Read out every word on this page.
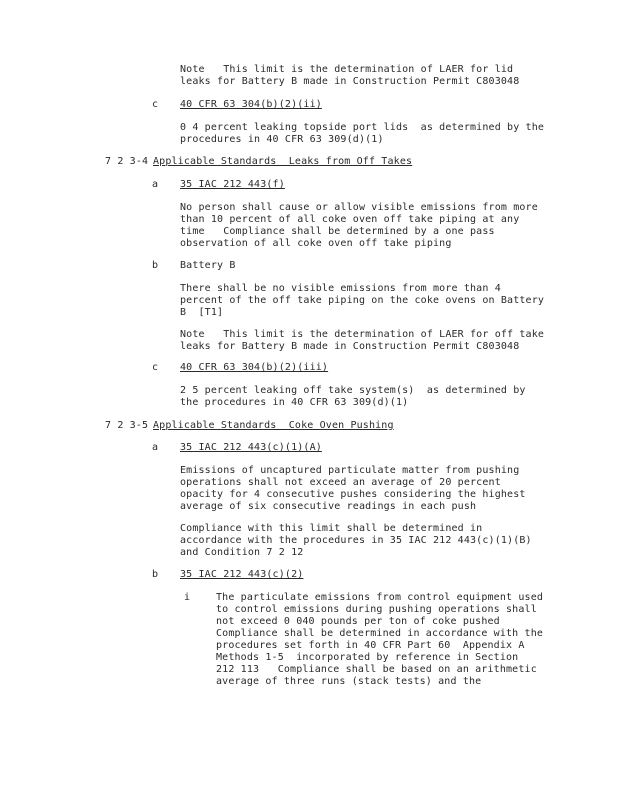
Note   This limit is the determination of LAER for lid
leaks for Battery B made in Construction Permit C803048
c 40 CFR 63 304(b)(2)(ii)
0 4 percent leaking topside port lids  as determined by the
procedures in 40 CFR 63 309(d)(1)
7 2 3-4 Applicable Standards  Leaks from Off Takes
a 35 IAC 212 443(f)
No person shall cause or allow visible emissions from more
than 10 percent of all coke oven off take piping at any
time   Compliance shall be determined by a one pass
observation of all coke oven off take piping
b Battery B
There shall be no visible emissions from more than 4
percent of the off take piping on the coke ovens on Battery
B  [T1]
Note   This limit is the determination of LAER for off take
leaks for Battery B made in Construction Permit C803048
c 40 CFR 63 304(b)(2)(iii)
2 5 percent leaking off take system(s)  as determined by
the procedures in 40 CFR 63 309(d)(1)
7 2 3-5 Applicable Standards  Coke Oven Pushing
a 35 IAC 212 443(c)(1)(A)
Emissions of uncaptured particulate matter from pushing
operations shall not exceed an average of 20 percent
opacity for 4 consecutive pushes considering the highest
average of six consecutive readings in each push
Compliance with this limit shall be determined in
accordance with the procedures in 35 IAC 212 443(c)(1)(B)
and Condition 7 2 12
b 35 IAC 212 443(c)(2)
i	The particulate emissions from control equipment used
to control emissions during pushing operations shall
not exceed 0 040 pounds per ton of coke pushed
Compliance shall be determined in accordance with the
procedures set forth in 40 CFR Part 60  Appendix A
Methods 1-5  incorporated by reference in Section
212 113   Compliance shall be based on an arithmetic
average of three runs (stack tests) and the
